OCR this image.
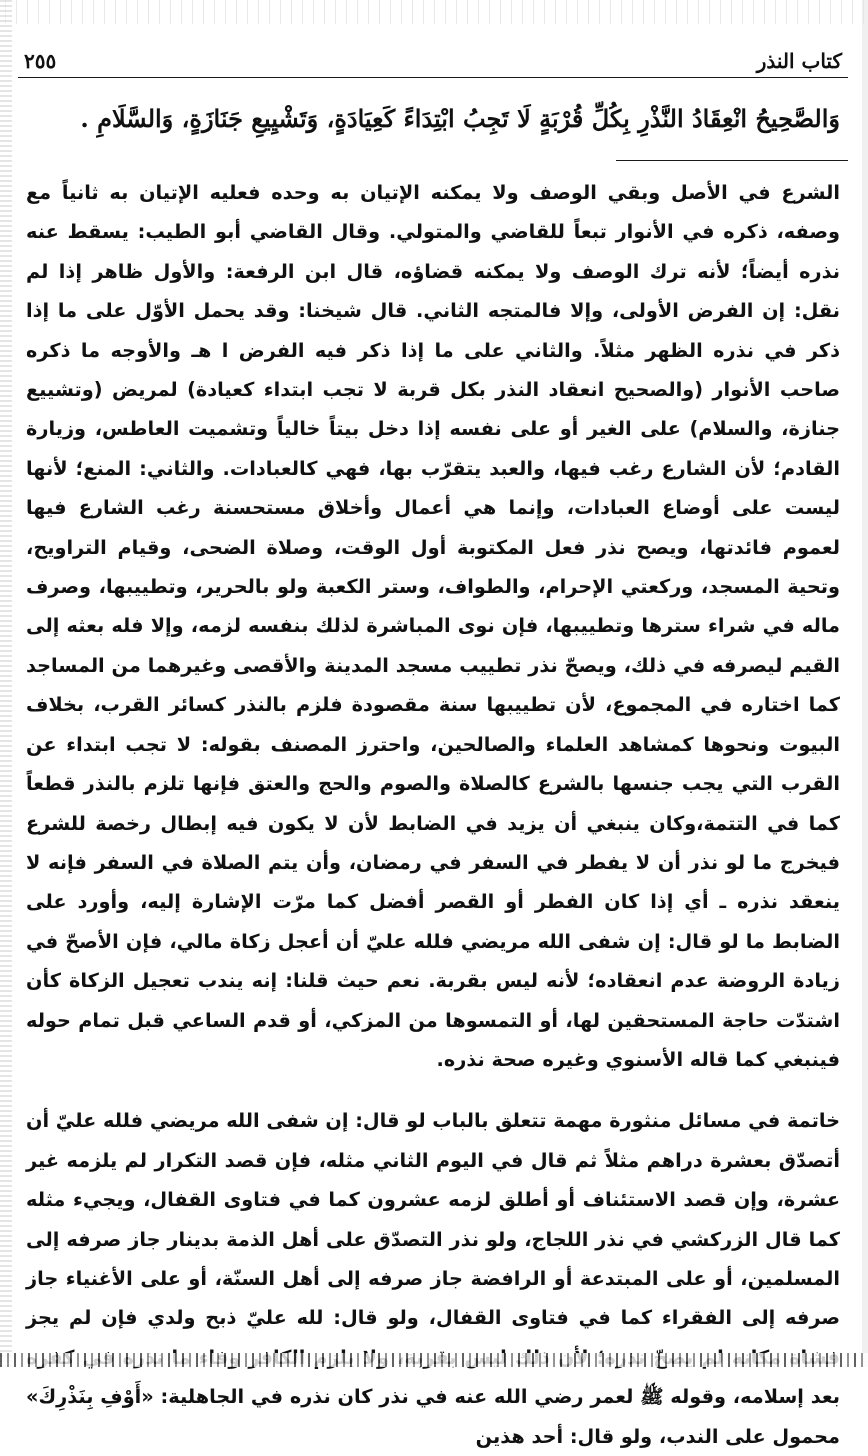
كتاب النذر
٢٥٥
وَالصَّحِيحُ انْعِقَادُ النَّذْرِ بِكُلِّ قُرْبَةٍ لَا تَجِبُ ابْتِدَاءً كَعِيَادَةٍ، وَتَشْيِيعِ جَنَازَةٍ، وَالسَّلَامِ .

الشرع في الأصل وبقي الوصف ولا يمكنه الإتيان به وحده فعليه الإتيان به ثانياً مع وصفه، ذكره في الأنوار تبعاً للقاضي والمتولي. وقال القاضي أبو الطيب: يسقط عنه نذره أيضاً؛ لأنه ترك الوصف ولا يمكنه قضاؤه، قال ابن الرفعة: والأول ظاهر إذا لم نقل: إن الفرض الأولى، وإلا فالمتجه الثاني. قال شيخنا: وقد يحمل الأوّل على ما إذا ذكر في نذره الظهر مثلاً. والثاني على ما إذا ذكر فيه الفرض ا هـ والأوجه ما ذكره صاحب الأنوار (والصحيح انعقاد النذر بكل قربة لا تجب ابتداء كعيادة) لمريض (وتشييع جنازة، والسلام) على الغير أو على نفسه إذا دخل بيتاً خالياً وتشميت العاطس، وزيارة القادم؛ لأن الشارع رغب فيها، والعبد يتقرّب بها، فهي كالعبادات. والثاني: المنع؛ لأنها ليست على أوضاع العبادات، وإنما هي أعمال وأخلاق مستحسنة رغب الشارع فيها لعموم فائدتها، ويصح نذر فعل المكتوبة أول الوقت، وصلاة الضحى، وقيام التراويح، وتحية المسجد، وركعتي الإحرام، والطواف، وستر الكعبة ولو بالحرير، وتطييبها، وصرف ماله في شراء سترها وتطييبها، فإن نوى المباشرة لذلك بنفسه لزمه، وإلا فله بعثه إلى القيم ليصرفه في ذلك، ويصحّ نذر تطييب مسجد المدينة والأقصى وغيرهما من المساجد كما اختاره في المجموع، لأن تطييبها سنة مقصودة فلزم بالنذر كسائر القرب، بخلاف البيوت ونحوها كمشاهد العلماء والصالحين، واحترز المصنف بقوله: لا تجب ابتداء عن القرب التي يجب جنسها بالشرع كالصلاة والصوم والحج والعتق فإنها تلزم بالنذر قطعاً كما في التتمة،وكان ينبغي أن يزيد في الضابط لأن لا يكون فيه إبطال رخصة للشرع فيخرج ما لو نذر أن لا يفطر في السفر في رمضان، وأن يتم الصلاة في السفر فإنه لا ينعقد نذره ـ أي إذا كان الفطر أو القصر أفضل كما مرّت الإشارة إليه، وأورد على الضابط ما لو قال: إن شفى الله مريضي فلله عليّ أن أعجل زكاة مالي، فإن الأصحّ في زيادة الروضة عدم انعقاده؛ لأنه ليس بقربة. نعم حيث قلنا: إنه يندب تعجيل الزكاة كأن اشتدّت حاجة المستحقين لها، أو التمسوها من المزكي، أو قدم الساعي قبل تمام حوله فينبغي كما قاله الأسنوي وغيره صحة نذره.

خاتمة في مسائل منثورة مهمة تتعلق بالباب لو قال: إن شفى الله مريضي فلله عليّ أن أتصدّق بعشرة دراهم مثلاً ثم قال في اليوم الثاني مثله، فإن قصد التكرار لم يلزمه غير عشرة، وإن قصد الاستئناف أو أطلق لزمه عشرون كما في فتاوى القفال، ويجيء مثله كما قال الزركشي في نذر اللجاج، ولو نذر التصدّق على أهل الذمة بدينار جاز صرفه إلى المسلمين، أو على المبتدعة أو الرافضة جاز صرفه إلى أهل السنّة، أو على الأغنياء جاز صرفه إلى الفقراء كما في فتاوى القفال، ولو قال: لله عليّ ذبح ولدي فإن لم يجز بعد إسلامه، وقوله ﷺ لعمر رضي الله عنه في نذر كان نذره في الجاهلية: «أَوْفِ بِنَذْرِكَ» محمول على الندب، ولو قال: أحد هذين
